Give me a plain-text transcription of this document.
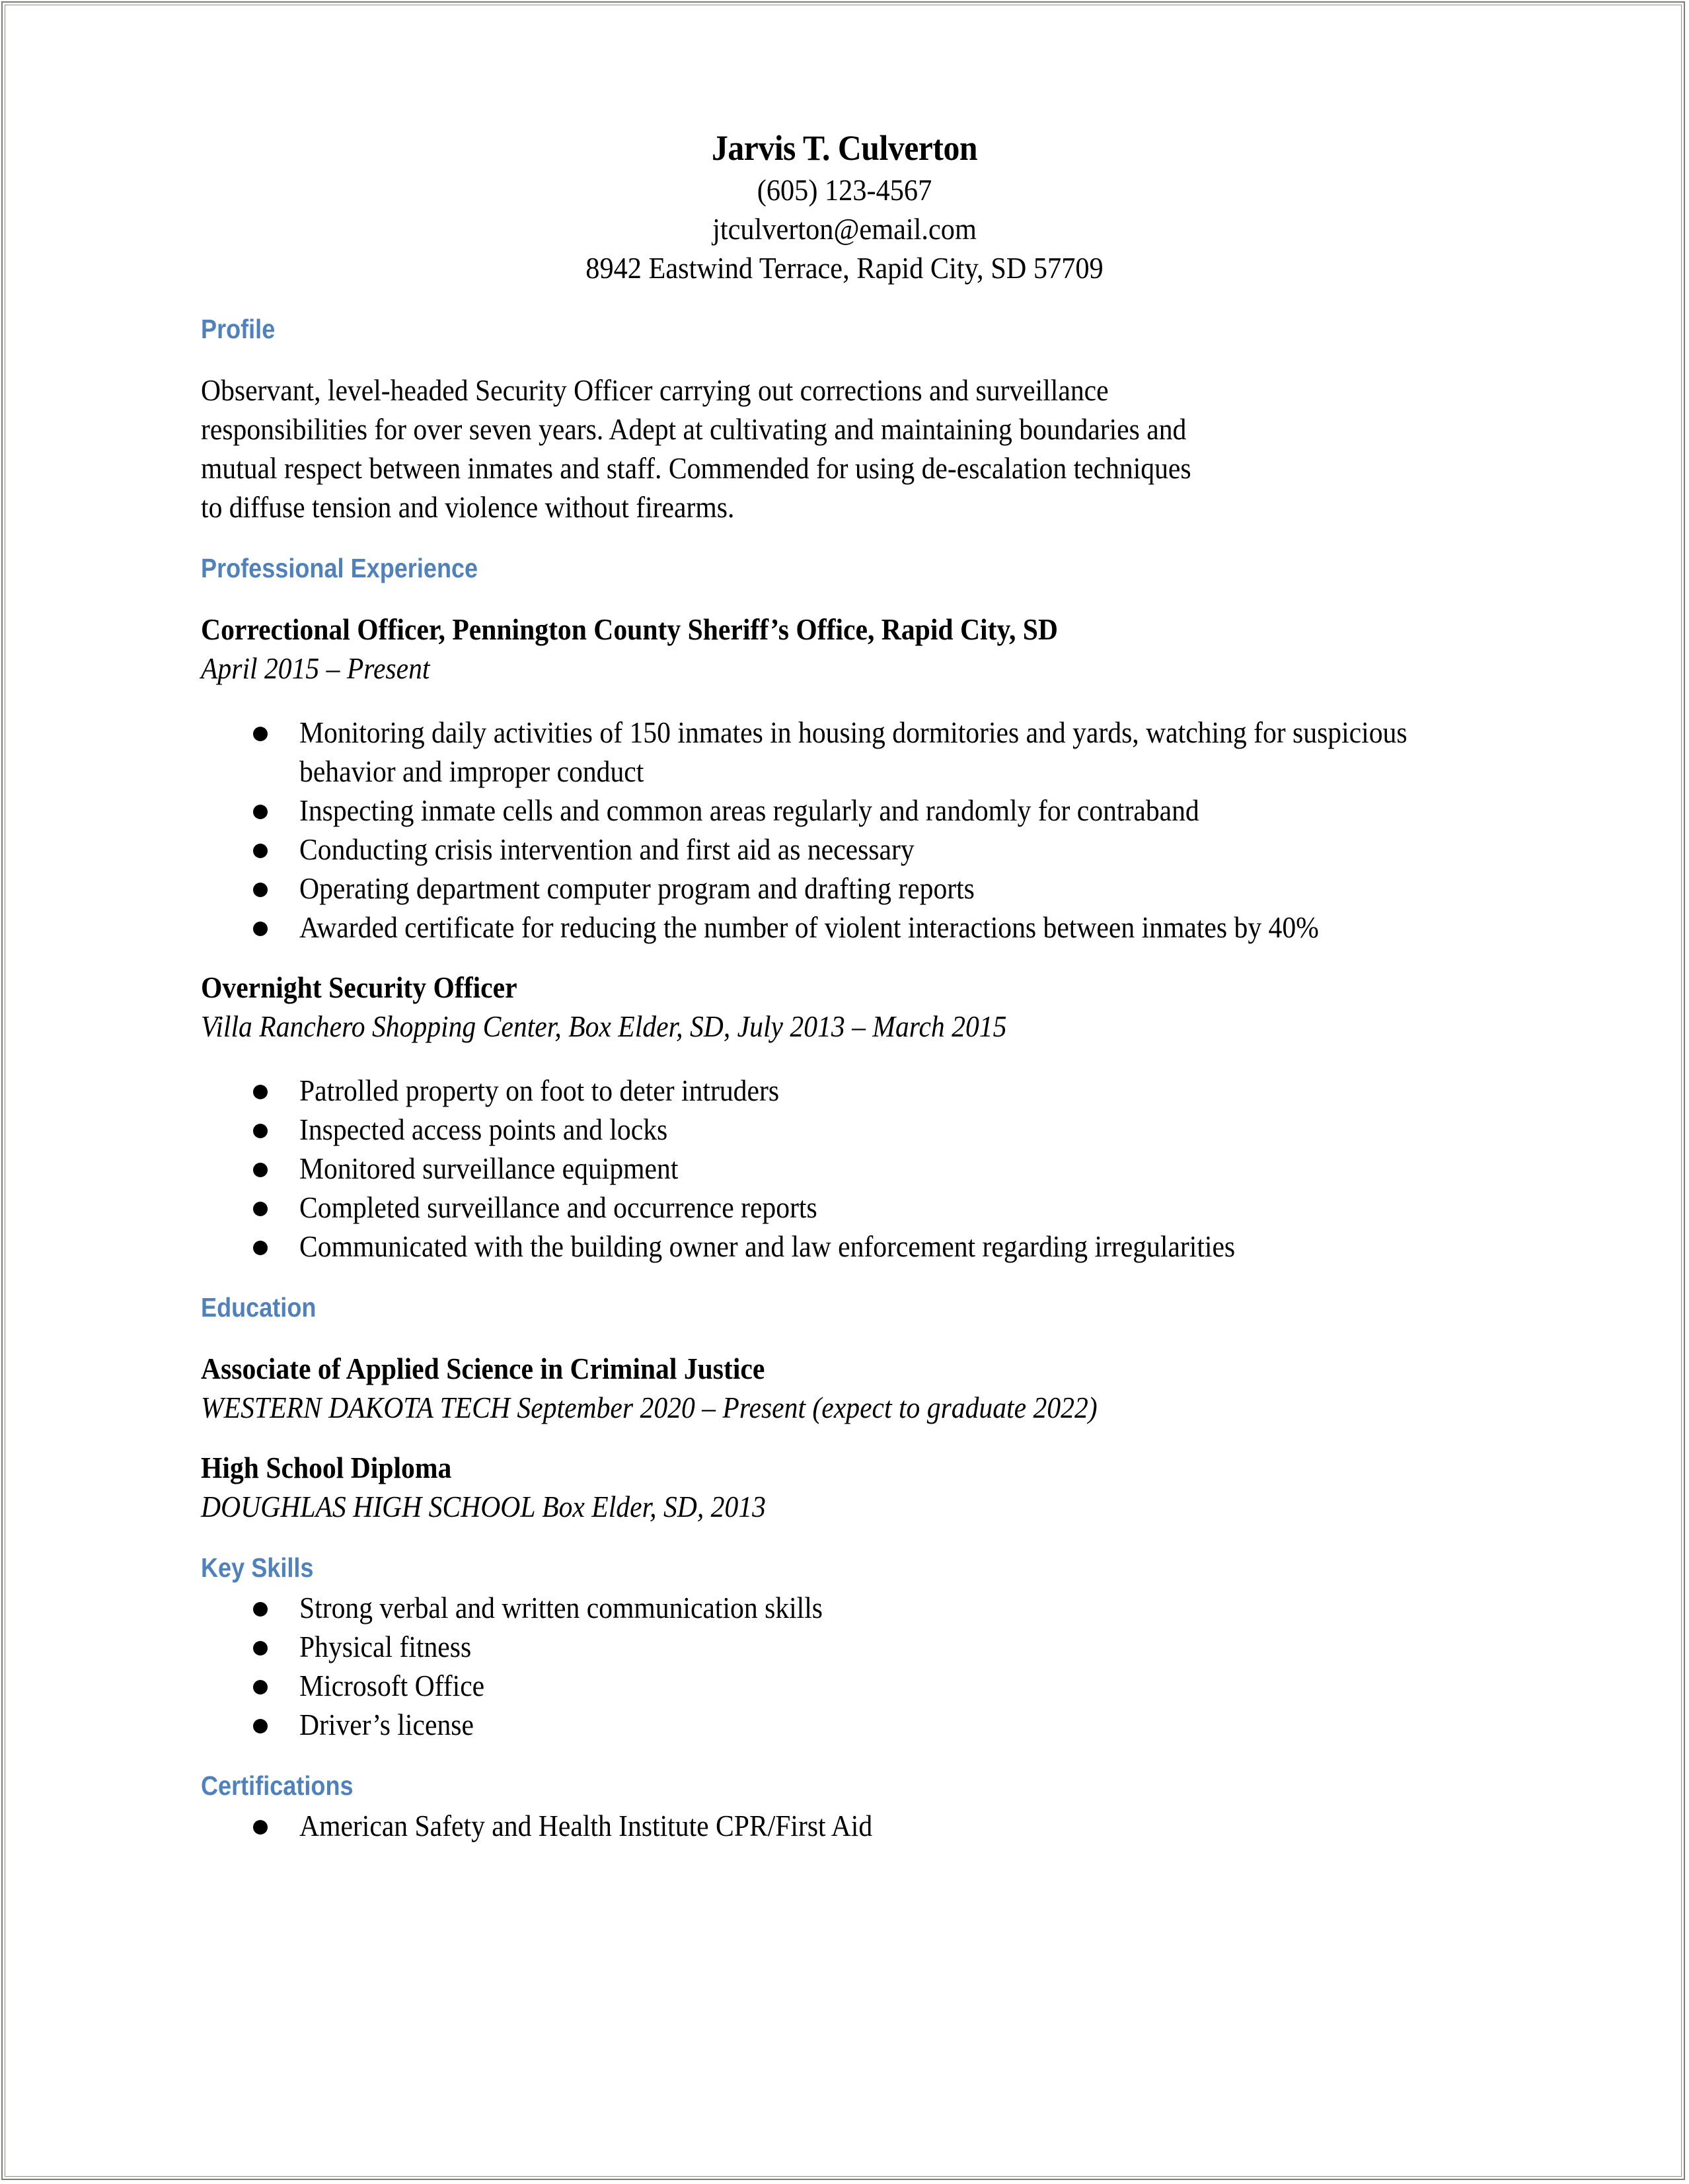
Jarvis T. Culverton
(605) 123-4567
jtculverton@email.com
8942 Eastwind Terrace, Rapid City, SD 57709
Profile
Observant, level-headed Security Officer carrying out corrections and surveillance
responsibilities for over seven years. Adept at cultivating and maintaining boundaries and
mutual respect between inmates and staff. Commended for using de-escalation techniques
to diffuse tension and violence without firearms.
Professional Experience
Correctional Officer, Pennington County Sheriff’s Office, Rapid City, SD
April 2015 – Present
Monitoring daily activities of 150 inmates in housing dormitories and yards, watching for suspicious behavior and improper conduct
Inspecting inmate cells and common areas regularly and randomly for contraband
Conducting crisis intervention and first aid as necessary
Operating department computer program and drafting reports
Awarded certificate for reducing the number of violent interactions between inmates by 40%
Overnight Security Officer
Villa Ranchero Shopping Center, Box Elder, SD, July 2013 – March 2015
Patrolled property on foot to deter intruders
Inspected access points and locks
Monitored surveillance equipment
Completed surveillance and occurrence reports
Communicated with the building owner and law enforcement regarding irregularities
Education
Associate of Applied Science in Criminal Justice
WESTERN DAKOTA TECH September 2020 – Present (expect to graduate 2022)
High School Diploma
DOUGHLAS HIGH SCHOOL Box Elder, SD, 2013
Key Skills
Strong verbal and written communication skills
Physical fitness
Microsoft Office
Driver’s license
Certifications
American Safety and Health Institute CPR/First Aid
